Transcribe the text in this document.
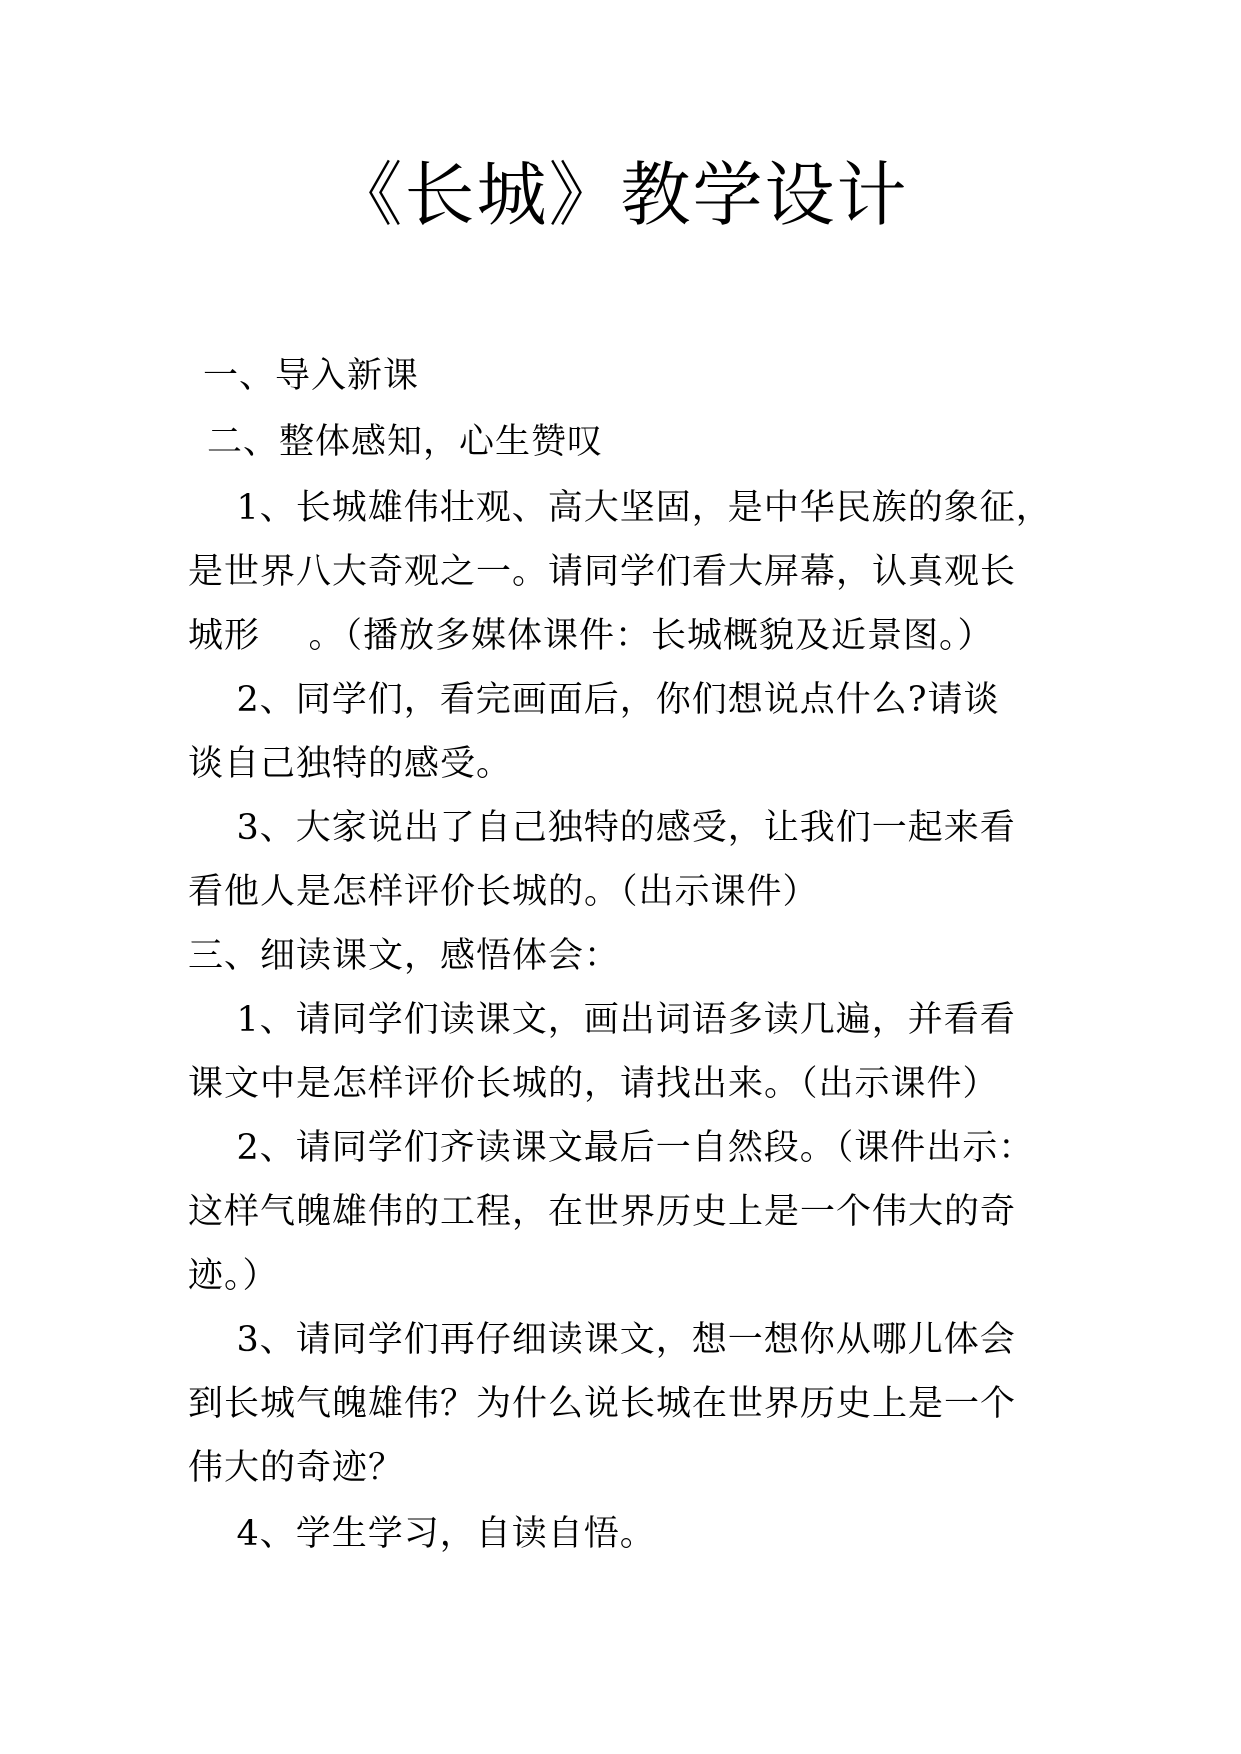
《长城》教学设计
一、导入新课
二、整体感知，心生赞叹
1、长城雄伟壮观、高大坚固，是中华民族的象征，
是世界八大奇观之一。请同学们看大屏幕，认真观长
城形    。（播放多媒体课件：长城概貌及近景图。）
2、同学们，看完画面后，你们想说点什么?请谈
谈自己独特的感受。
3、大家说出了自己独特的感受，让我们一起来看
看他人是怎样评价长城的。（出示课件）
三、细读课文，感悟体会：
1、请同学们读课文，画出词语多读几遍，并看看
课文中是怎样评价长城的，请找出来。（出示课件）
2、请同学们齐读课文最后一自然段。（课件出示：
这样气魄雄伟的工程，在世界历史上是一个伟大的奇
迹。）
3、请同学们再仔细读课文，想一想你从哪儿体会
到长城气魄雄伟？为什么说长城在世界历史上是一个
伟大的奇迹？
4、学生学习，自读自悟。
